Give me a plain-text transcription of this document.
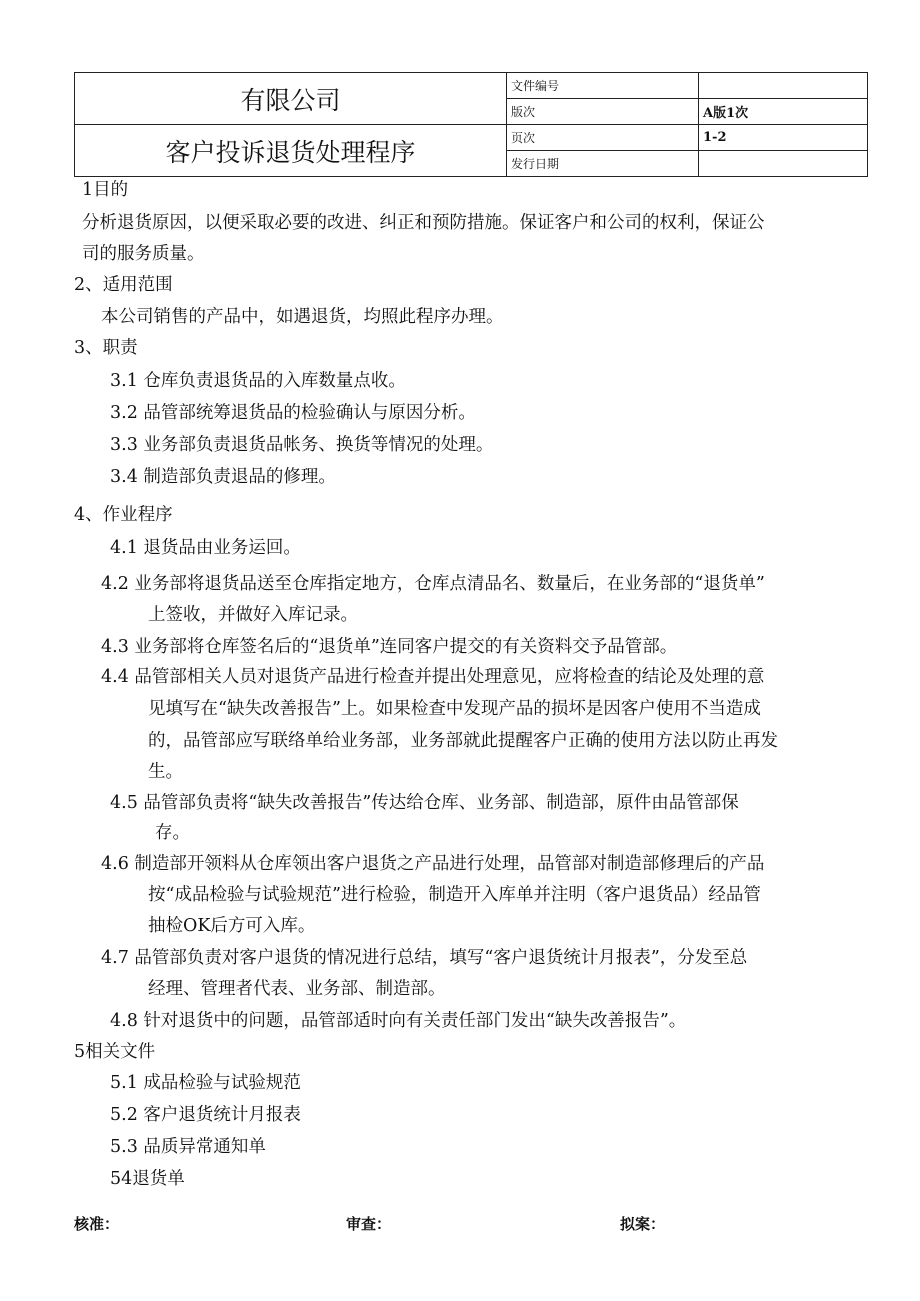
有限公司	文件编号	
	版次	A版1次
客户投诉退货处理程序	页次	1-2
	发行日期	
1目的
分析退货原因，以便采取必要的改进、纠正和预防措施。保证客户和公司的权利，保证公
司的服务质量。
2、适用范围
本公司销售的产品中，如遇退货，均照此程序办理。
3、职责
3.1 仓库负责退货品的入库数量点收。
3.2 品管部统筹退货品的检验确认与原因分析。
3.3 业务部负责退货品帐务、换货等情况的处理。
3.4 制造部负责退品的修理。
4、作业程序
4.1 退货品由业务运回。
4.2 业务部将退货品送至仓库指定地方，仓库点清品名、数量后，在业务部的“退货单”
上签收，并做好入库记录。
4.3 业务部将仓库签名后的“退货单”连同客户提交的有关资料交予品管部。
4.4 品管部相关人员对退货产品进行检查并提出处理意见，应将检查的结论及处理的意
见填写在“缺失改善报告”上。如果检查中发现产品的损坏是因客户使用不当造成
的，品管部应写联络单给业务部，业务部就此提醒客户正确的使用方法以防止再发
生。
4.5 品管部负责将“缺失改善报告”传达给仓库、业务部、制造部，原件由品管部保
存。
4.6 制造部开领料从仓库领出客户退货之产品进行处理，品管部对制造部修理后的产品
按“成品检验与试验规范”进行检验，制造开入库单并注明（客户退货品）经品管
抽检OK后方可入库。
4.7 品管部负责对客户退货的情况进行总结，填写“客户退货统计月报表”，分发至总
经理、管理者代表、业务部、制造部。
4.8 针对退货中的问题，品管部适时向有关责任部门发出“缺失改善报告”。
5相关文件
5.1 成品检验与试验规范
5.2 客户退货统计月报表
5.3 品质异常通知单
54退货单
核准：	审查：	拟案：
